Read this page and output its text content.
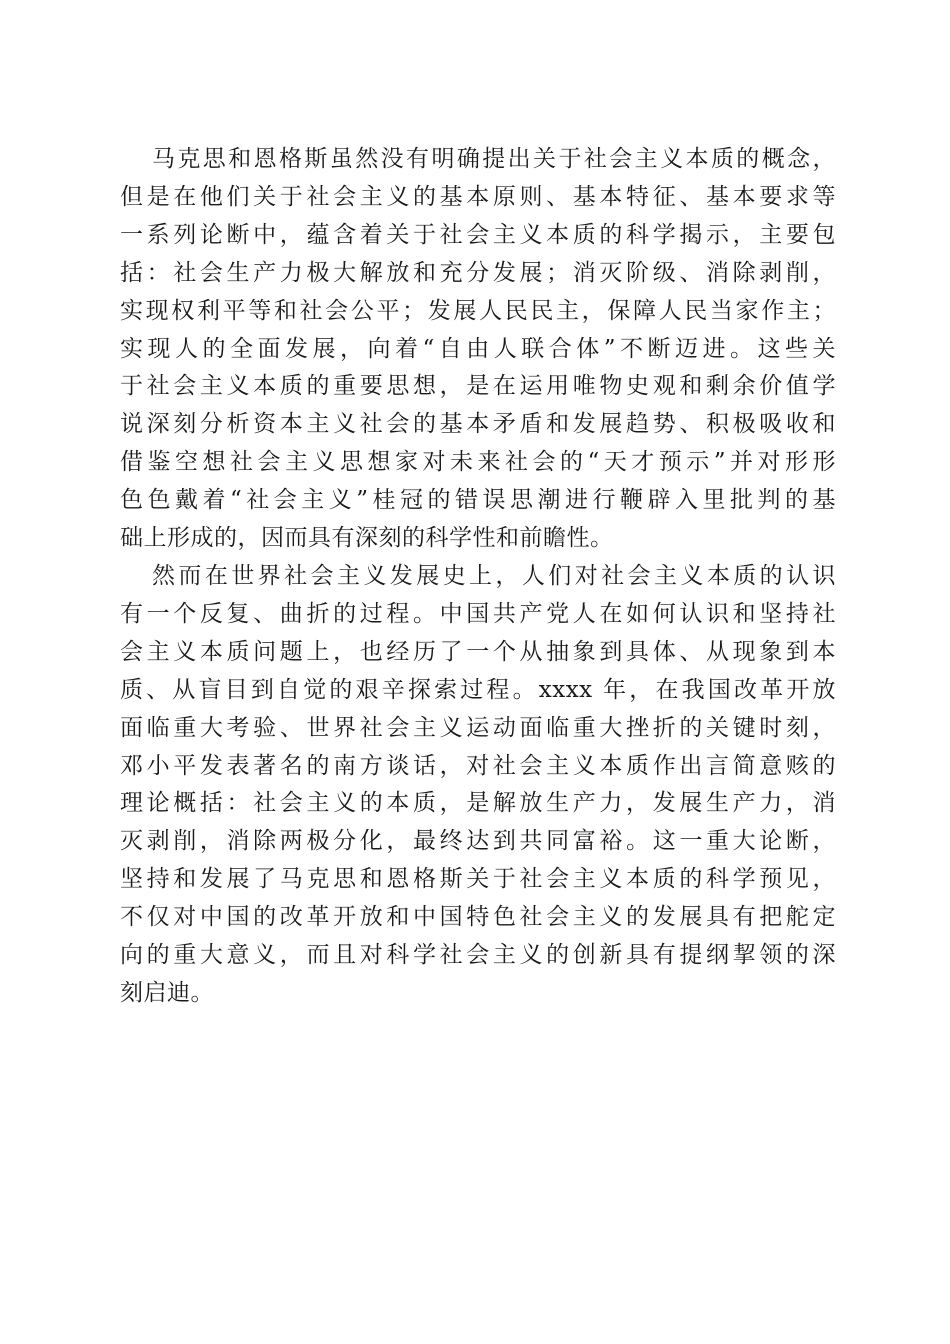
马克思和恩格斯虽然没有明确提出关于社会主义本质的概念，

但是在他们关于社会主义的基本原则、基本特征、基本要求等

一系列论断中，蕴含着关于社会主义本质的科学揭示，主要包

括：社会生产力极大解放和充分发展；消灭阶级、消除剥削，

实现权利平等和社会公平；发展人民民主，保障人民当家作主；

实现人的全面发展，向着“自由人联合体”不断迈进。这些关

于社会主义本质的重要思想，是在运用唯物史观和剩余价值学

说深刻分析资本主义社会的基本矛盾和发展趋势、积极吸收和

借鉴空想社会主义思想家对未来社会的“天才预示”并对形形

色色戴着“社会主义”桂冠的错误思潮进行鞭辟入里批判的基

础上形成的，因而具有深刻的科学性和前瞻性。

然而在世界社会主义发展史上，人们对社会主义本质的认识

有一个反复、曲折的过程。中国共产党人在如何认识和坚持社

会主义本质问题上，也经历了一个从抽象到具体、从现象到本

质、从盲目到自觉的艰辛探索过程。xxxx 年，在我国改革开放

面临重大考验、世界社会主义运动面临重大挫折的关键时刻，

邓小平发表著名的南方谈话，对社会主义本质作出言简意赅的

理论概括：社会主义的本质，是解放生产力，发展生产力，消

灭剥削，消除两极分化，最终达到共同富裕。这一重大论断，

坚持和发展了马克思和恩格斯关于社会主义本质的科学预见，

不仅对中国的改革开放和中国特色社会主义的发展具有把舵定

向的重大意义，而且对科学社会主义的创新具有提纲挈领的深

刻启迪。
